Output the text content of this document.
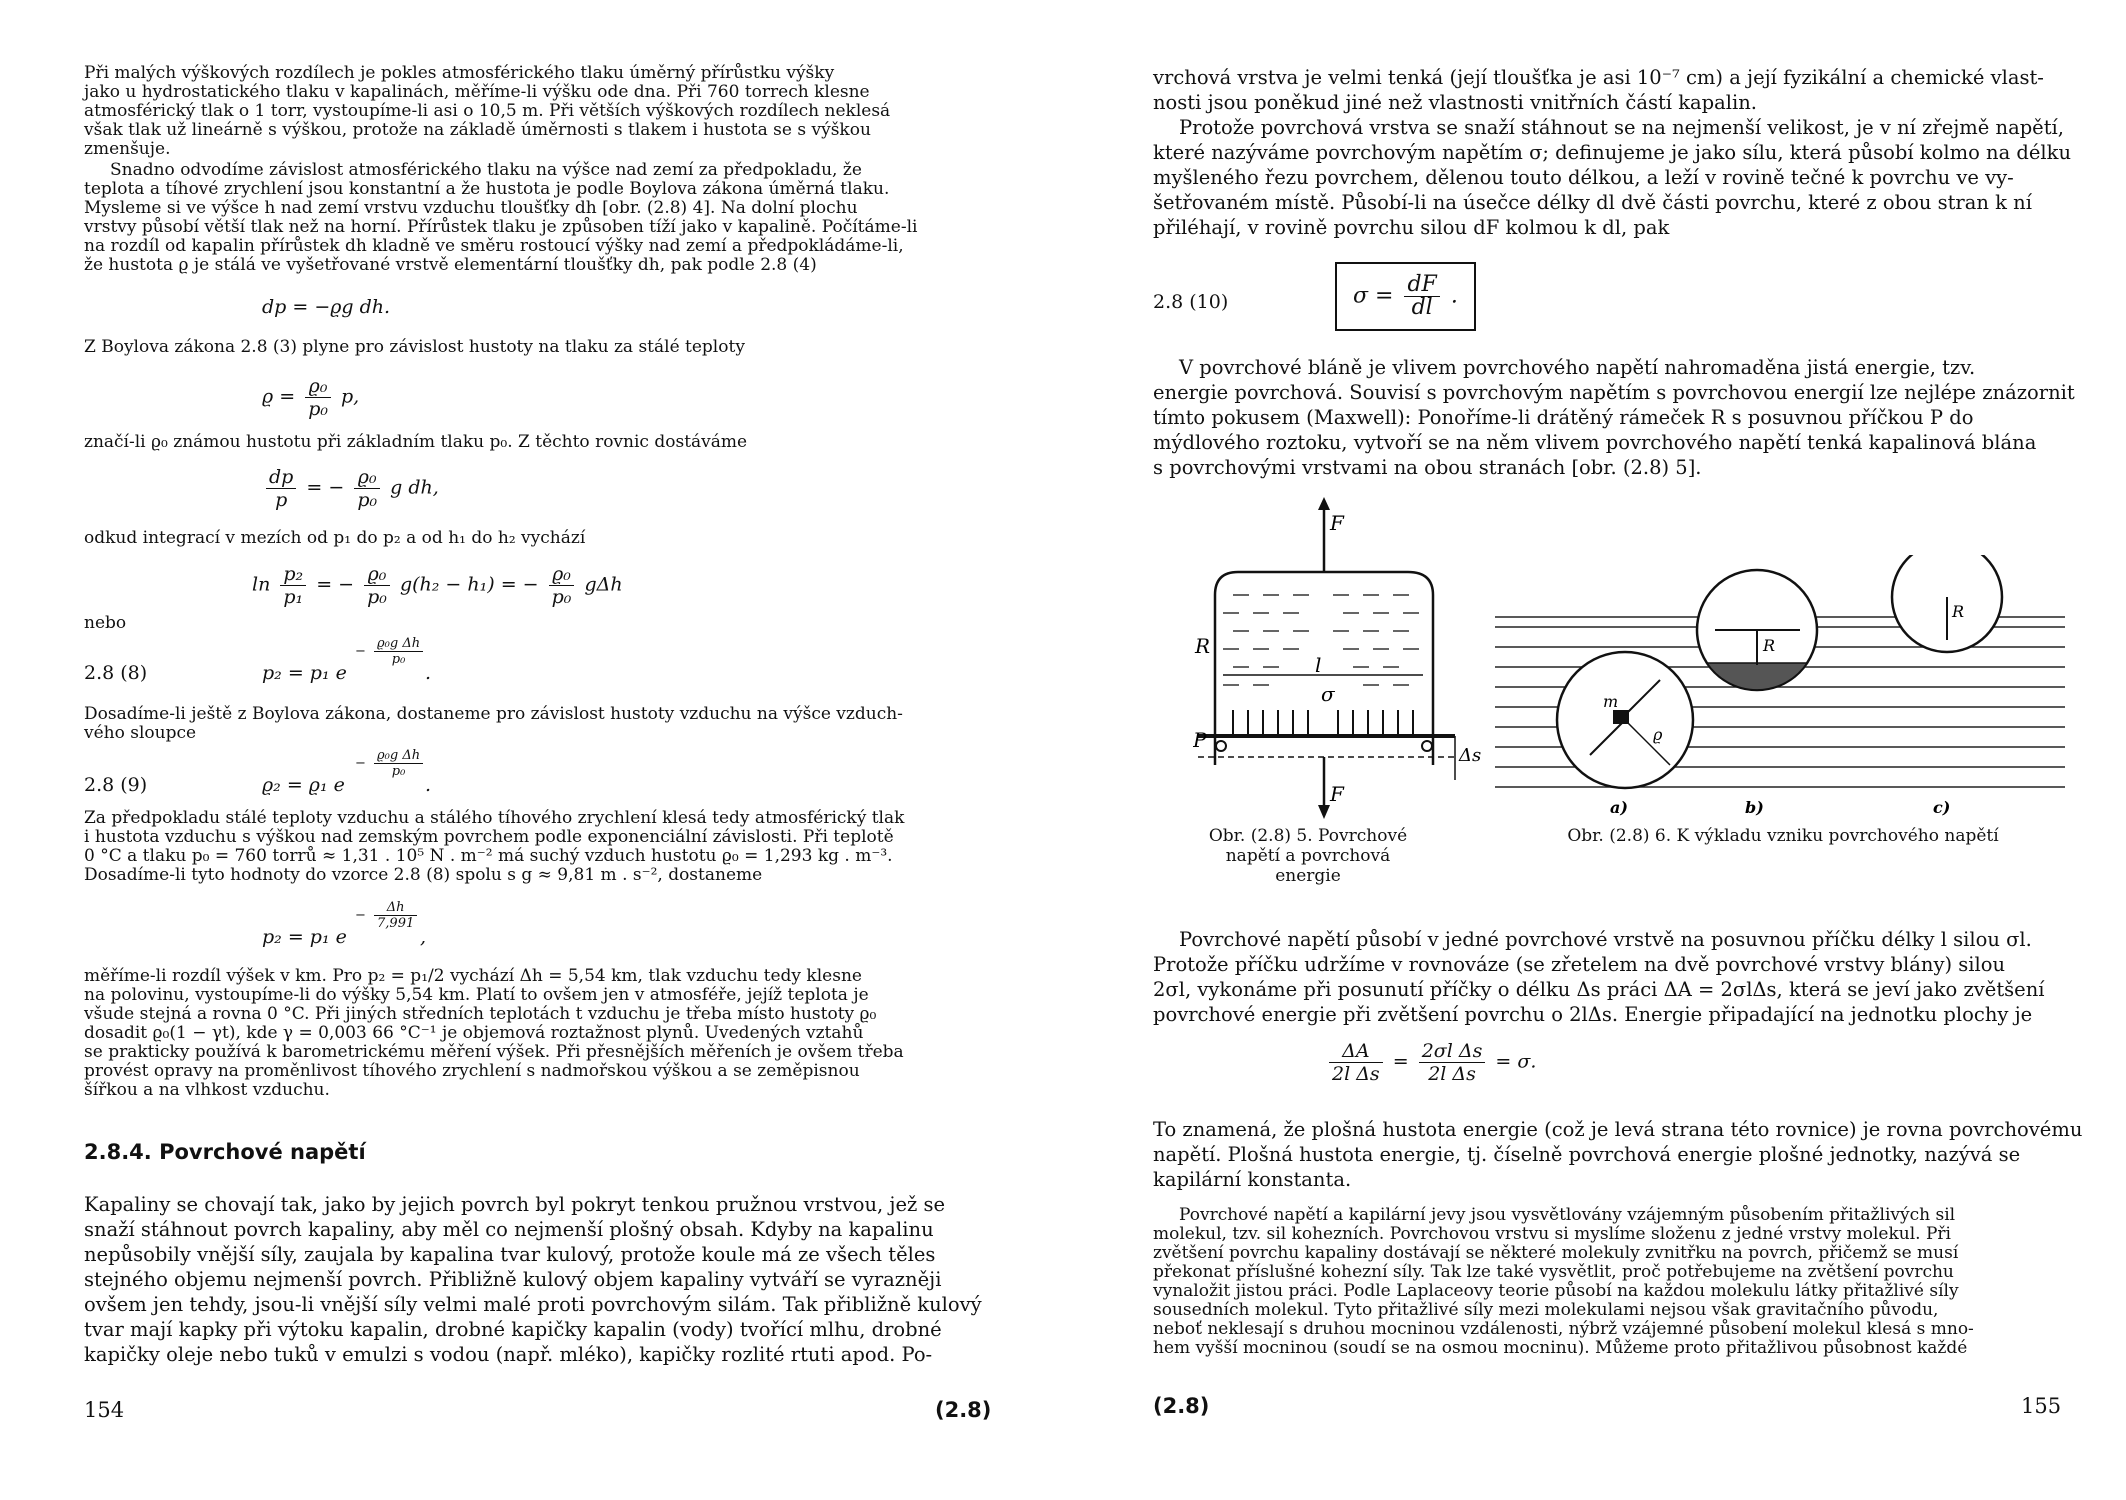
Při malých výškových rozdílech je pokles atmosférického tlaku úměrný přírůstku výšky
jako u hydrostatického tlaku v kapalinách, měříme-li výšku ode dna. Při 760 torrech klesne
atmosférický tlak o 1 torr, vystoupíme-li asi o 10,5 m. Při větších výškových rozdílech neklesá
však tlak už lineárně s výškou, protože na základě úměrnosti s tlakem i hustota se s výškou
zmenšuje.
Snadno odvodíme závislost atmosférického tlaku na výšce nad zemí za předpokladu, že
teplota a tíhové zrychlení jsou konstantní a že hustota je podle Boylova zákona úměrná tlaku.
Mysleme si ve výšce h nad zemí vrstvu vzduchu tloušťky dh [obr. (2.8) 4]. Na dolní plochu
vrstvy působí větší tlak než na horní. Přírůstek tlaku je způsoben tíží jako v kapalině. Počítáme-li
na rozdíl od kapalin přírůstek dh kladně ve směru rostoucí výšky nad zemí a předpokládáme-li,
že hustota ϱ je stálá ve vyšetřované vrstvě elementární tloušťky dh, pak podle 2.8 (4)
dp = −ϱg dh.
Z Boylova zákona 2.8 (3) plyne pro závislost hustoty na tlaku za stálé teploty
$ϱ = \frac{\text{ϱ₀}}{\text{p₀}} p$,
značí-li ϱ₀ známou hustotu při základním tlaku p₀. Z těchto rovnic dostáváme
$\frac{dp}{p}$ = − $\frac{\text{ϱ₀}}{\text{p₀}}$ g dh,
odkud integrací v mezích od p₁ do p₂ a od h₁ do h₂ vychází
$\ln \frac{\text{p₂}}{\text{p₁}}$ = − $\frac{\text{ϱ₀}}{\text{p₀}} g(h_2 - h_1)$ = − $\frac{\text{ϱ₀}}{\text{p₀}}$ gΔh
nebo
2.8 (8)	p₂ = p₁ e
− $\frac{\text{ϱ₀g Δh}}{\text{p₀}}$
.
Dosadíme-li ještě z Boylova zákona, dostaneme pro závislost hustoty vzduchu na výšce vzduch-
vého sloupce
2.8 (9)	ϱ₂ = ϱ₁ e
− $\frac{\text{ϱ₀g Δh}}{\text{p₀}}$
.
Za předpokladu stálé teploty vzduchu a stálého tíhového zrychlení klesá tedy atmosférický tlak
i hustota vzduchu s výškou nad zemským povrchem podle exponenciální závislosti. Při teplotě
0 °C a tlaku p₀ = 760 torrů ≈ 1,31 . 10⁵ N . m⁻² má suchý vzduch hustotu ϱ₀ = 1,293 kg . m⁻³.
Dosadíme-li tyto hodnoty do vzorce 2.8 (8) spolu s g ≈ 9,81 m . s⁻², dostaneme
p₂ = p₁ e
− $\frac{\Delta h}{7,991}$
,
měříme-li rozdíl výšek v km. Pro p₂ = p₁/2 vychází Δh = 5,54 km, tlak vzduchu tedy klesne
na polovinu, vystoupíme-li do výšky 5,54 km. Platí to ovšem jen v atmosféře, jejíž teplota je
všude stejná a rovna 0 °C. Při jiných středních teplotách t vzduchu je třeba místo hustoty ϱ₀
dosadit ϱ₀(1 − γt), kde γ = 0,003 66 °C⁻¹ je objemová roztažnost plynů. Uvedených vztahů
se prakticky používá k barometrickému měření výšek. Při přesnějších měřeních je ovšem třeba
provést opravy na proměnlivost tíhového zrychlení s nadmořskou výškou a se zeměpisnou
šířkou a na vlhkost vzduchu.
2.8.4. Povrchové napětí
Kapaliny se chovají tak, jako by jejich povrch byl pokryt tenkou pružnou vrstvou, jež se
snaží stáhnout povrch kapaliny, aby měl co nejmenší plošný obsah. Kdyby na kapalinu
nepůsobily vnější síly, zaujala by kapalina tvar kulový, protože koule má ze všech těles
stejného objemu nejmenší povrch. Přibližně kulový objem kapaliny vytváří se vyrazněji
ovšem jen tehdy, jsou-li vnější síly velmi malé proti povrchovým silám. Tak přibližně kulový
tvar mají kapky při výtoku kapalin, drobné kapičky kapalin (vody) tvořící mlhu, drobné
kapičky oleje nebo tuků v emulzi s vodou (např. mléko), kapičky rozlité rtuti apod. Po-
154	(2.8)
vrchová vrstva je velmi tenká (její tloušťka je asi 10⁻⁷ cm) a její fyzikální a chemické vlast-
nosti jsou poněkud jiné než vlastnosti vnitřních částí kapalin.
Protože povrchová vrstva se snaží stáhnout se na nejmenší velikost, je v ní zřejmě napětí,
které nazýváme povrchovým napětím σ; definujeme je jako sílu, která působí kolmo na délku
myšleného řezu povrchem, dělenou touto délkou, a leží v rovině tečné k povrchu ve vy-
šetřovaném místě. Působí-li na úsečce délky dl dvě části povrchu, které z obou stran k ní
přiléhají, v rovině povrchu silou dF kolmou k dl, pak
2.8 (10)	$\sigma = \frac{dF}{dl}$ .
V povrchové bláně je vlivem povrchového napětí nahromaděna jistá energie, tzv.
energie povrchová. Souvisí s povrchovým napětím s povrchovou energií lze nejlépe znázornit
tímto pokusem (Maxwell): Ponoříme-li drátěný rámeček R s posuvnou příčkou P do
mýdlového roztoku, vytvoří se na něm vlivem povrchového napětí tenká kapalinová blána
s povrchovými vrstvami na obou stranách [obr. (2.8) 5].
F
l
σ
R
P
Δs
F
Obr. (2.8) 5. Povrchové
napětí a povrchová
energie
m
ϱ
R
R
a)	b)	c)
Obr. (2.8) 6. K výkladu vzniku povrchového napětí
Povrchové napětí působí v jedné povrchové vrstvě na posuvnou příčku délky l silou σl.
Protože příčku udržíme v rovnováze (se zřetelem na dvě povrchové vrstvy blány) silou
2σl, vykonáme při posunutí příčky o délku Δs práci ΔA = 2σlΔs, která se jeví jako zvětšení
povrchové energie při zvětšení povrchu o 2lΔs. Energie připadající na jednotku plochy je
$\frac{\Delta A}{\text{2l Δs}} = \frac{\text{2σl Δs}}{\text{2l Δs}} = \sigma$.
To znamená, že plošná hustota energie (což je levá strana této rovnice) je rovna povrchovému
napětí. Plošná hustota energie, tj. číselně povrchová energie plošné jednotky, nazývá se
kapilární konstanta.
Povrchové napětí a kapilární jevy jsou vysvětlovány vzájemným působením přitažlivých sil
molekul, tzv. sil kohezních. Povrchovou vrstvu si myslíme složenu z jedné vrstvy molekul. Při
zvětšení povrchu kapaliny dostávají se některé molekuly zvnitřku na povrch, přičemž se musí
překonat příslušné kohezní síly. Tak lze také vysvětlit, proč potřebujeme na zvětšení povrchu
vynaložit jistou práci. Podle Laplaceovy teorie působí na každou molekulu látky přitažlivé síly
sousedních molekul. Tyto přitažlivé síly mezi molekulami nejsou však gravitačního původu,
neboť neklesají s druhou mocninou vzdálenosti, nýbrž vzájemné působení molekul klesá s mno-
hem vyšší mocninou (soudí se na osmou mocninu). Můžeme proto přitažlivou působnost každé
(2.8)	155
